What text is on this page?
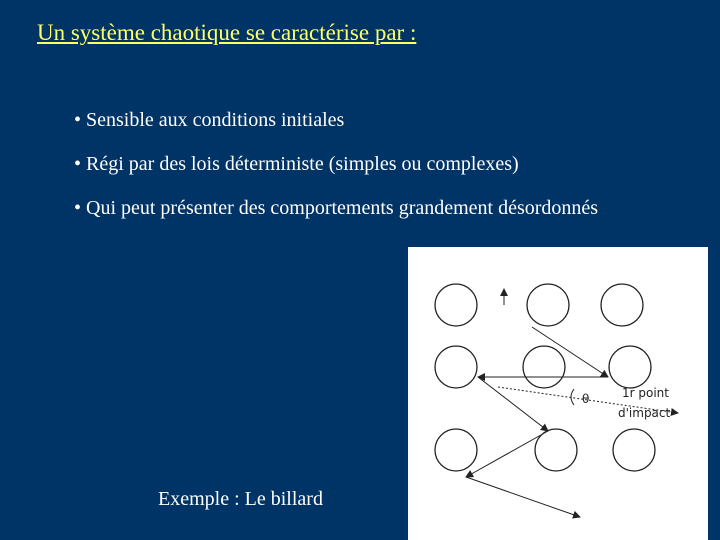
Un système chaotique se caractérise par :
• Sensible aux conditions initiales
• Régi par des lois déterministe (simples ou complexes)
• Qui peut présenter des comportements grandement désordonnés
θ	1r point
d'impact
Exemple : Le billard
